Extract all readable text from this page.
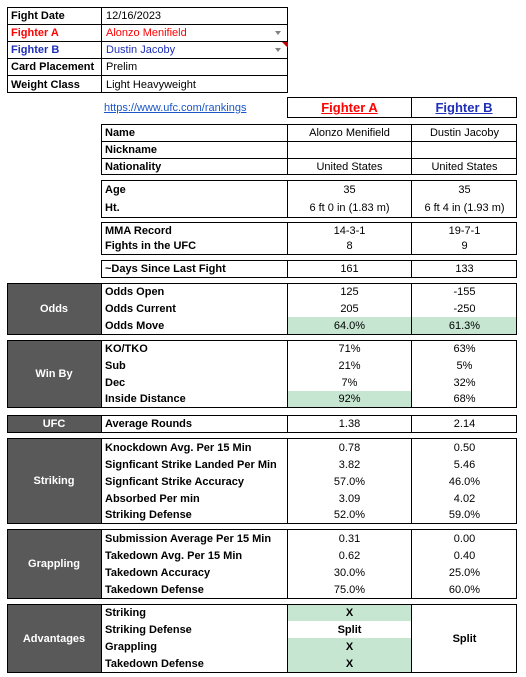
Fight Date	12/16/2023
Fighter A	Alonzo Menifield
Fighter B	Dustin Jacoby
Card Placement	Prelim
Weight Class	Light Heavyweight
https://www.ufc.com/rankings	Fighter A	Fighter B
Name	Alonzo Menifield	Dustin Jacoby
Nickname
Nationality	United States	United States
Age	35	35
Ht.	6 ft 0 in (1.83 m)	6 ft 4 in (1.93 m)
MMA Record	14-3-1	19-7-1
Fights in the UFC	8	9
~Days Since Last Fight	161	133
Odds
Odds Open	125	-155
Odds Current	205	-250
Odds Move	64.0%	61.3%
Win By
KO/TKO	71%	63%
Sub	21%	5%
Dec	7%	32%
Inside Distance	92%	68%
UFC	Average Rounds	1.38	2.14
Striking
Knockdown Avg. Per 15 Min	0.78	0.50
Signficant Strike Landed Per Min	3.82	5.46
Signficant Strike Accuracy	57.0%	46.0%
Absorbed Per min	3.09	4.02
Striking Defense	52.0%	59.0%
Grappling
Submission Average Per 15 Min	0.31	0.00
Takedown Avg. Per 15 Min	0.62	0.40
Takedown Accuracy	30.0%	25.0%
Takedown Defense	75.0%	60.0%
Advantages
Striking	X
Striking Defense	Split
Grappling	X
Takedown Defense	X
Split
